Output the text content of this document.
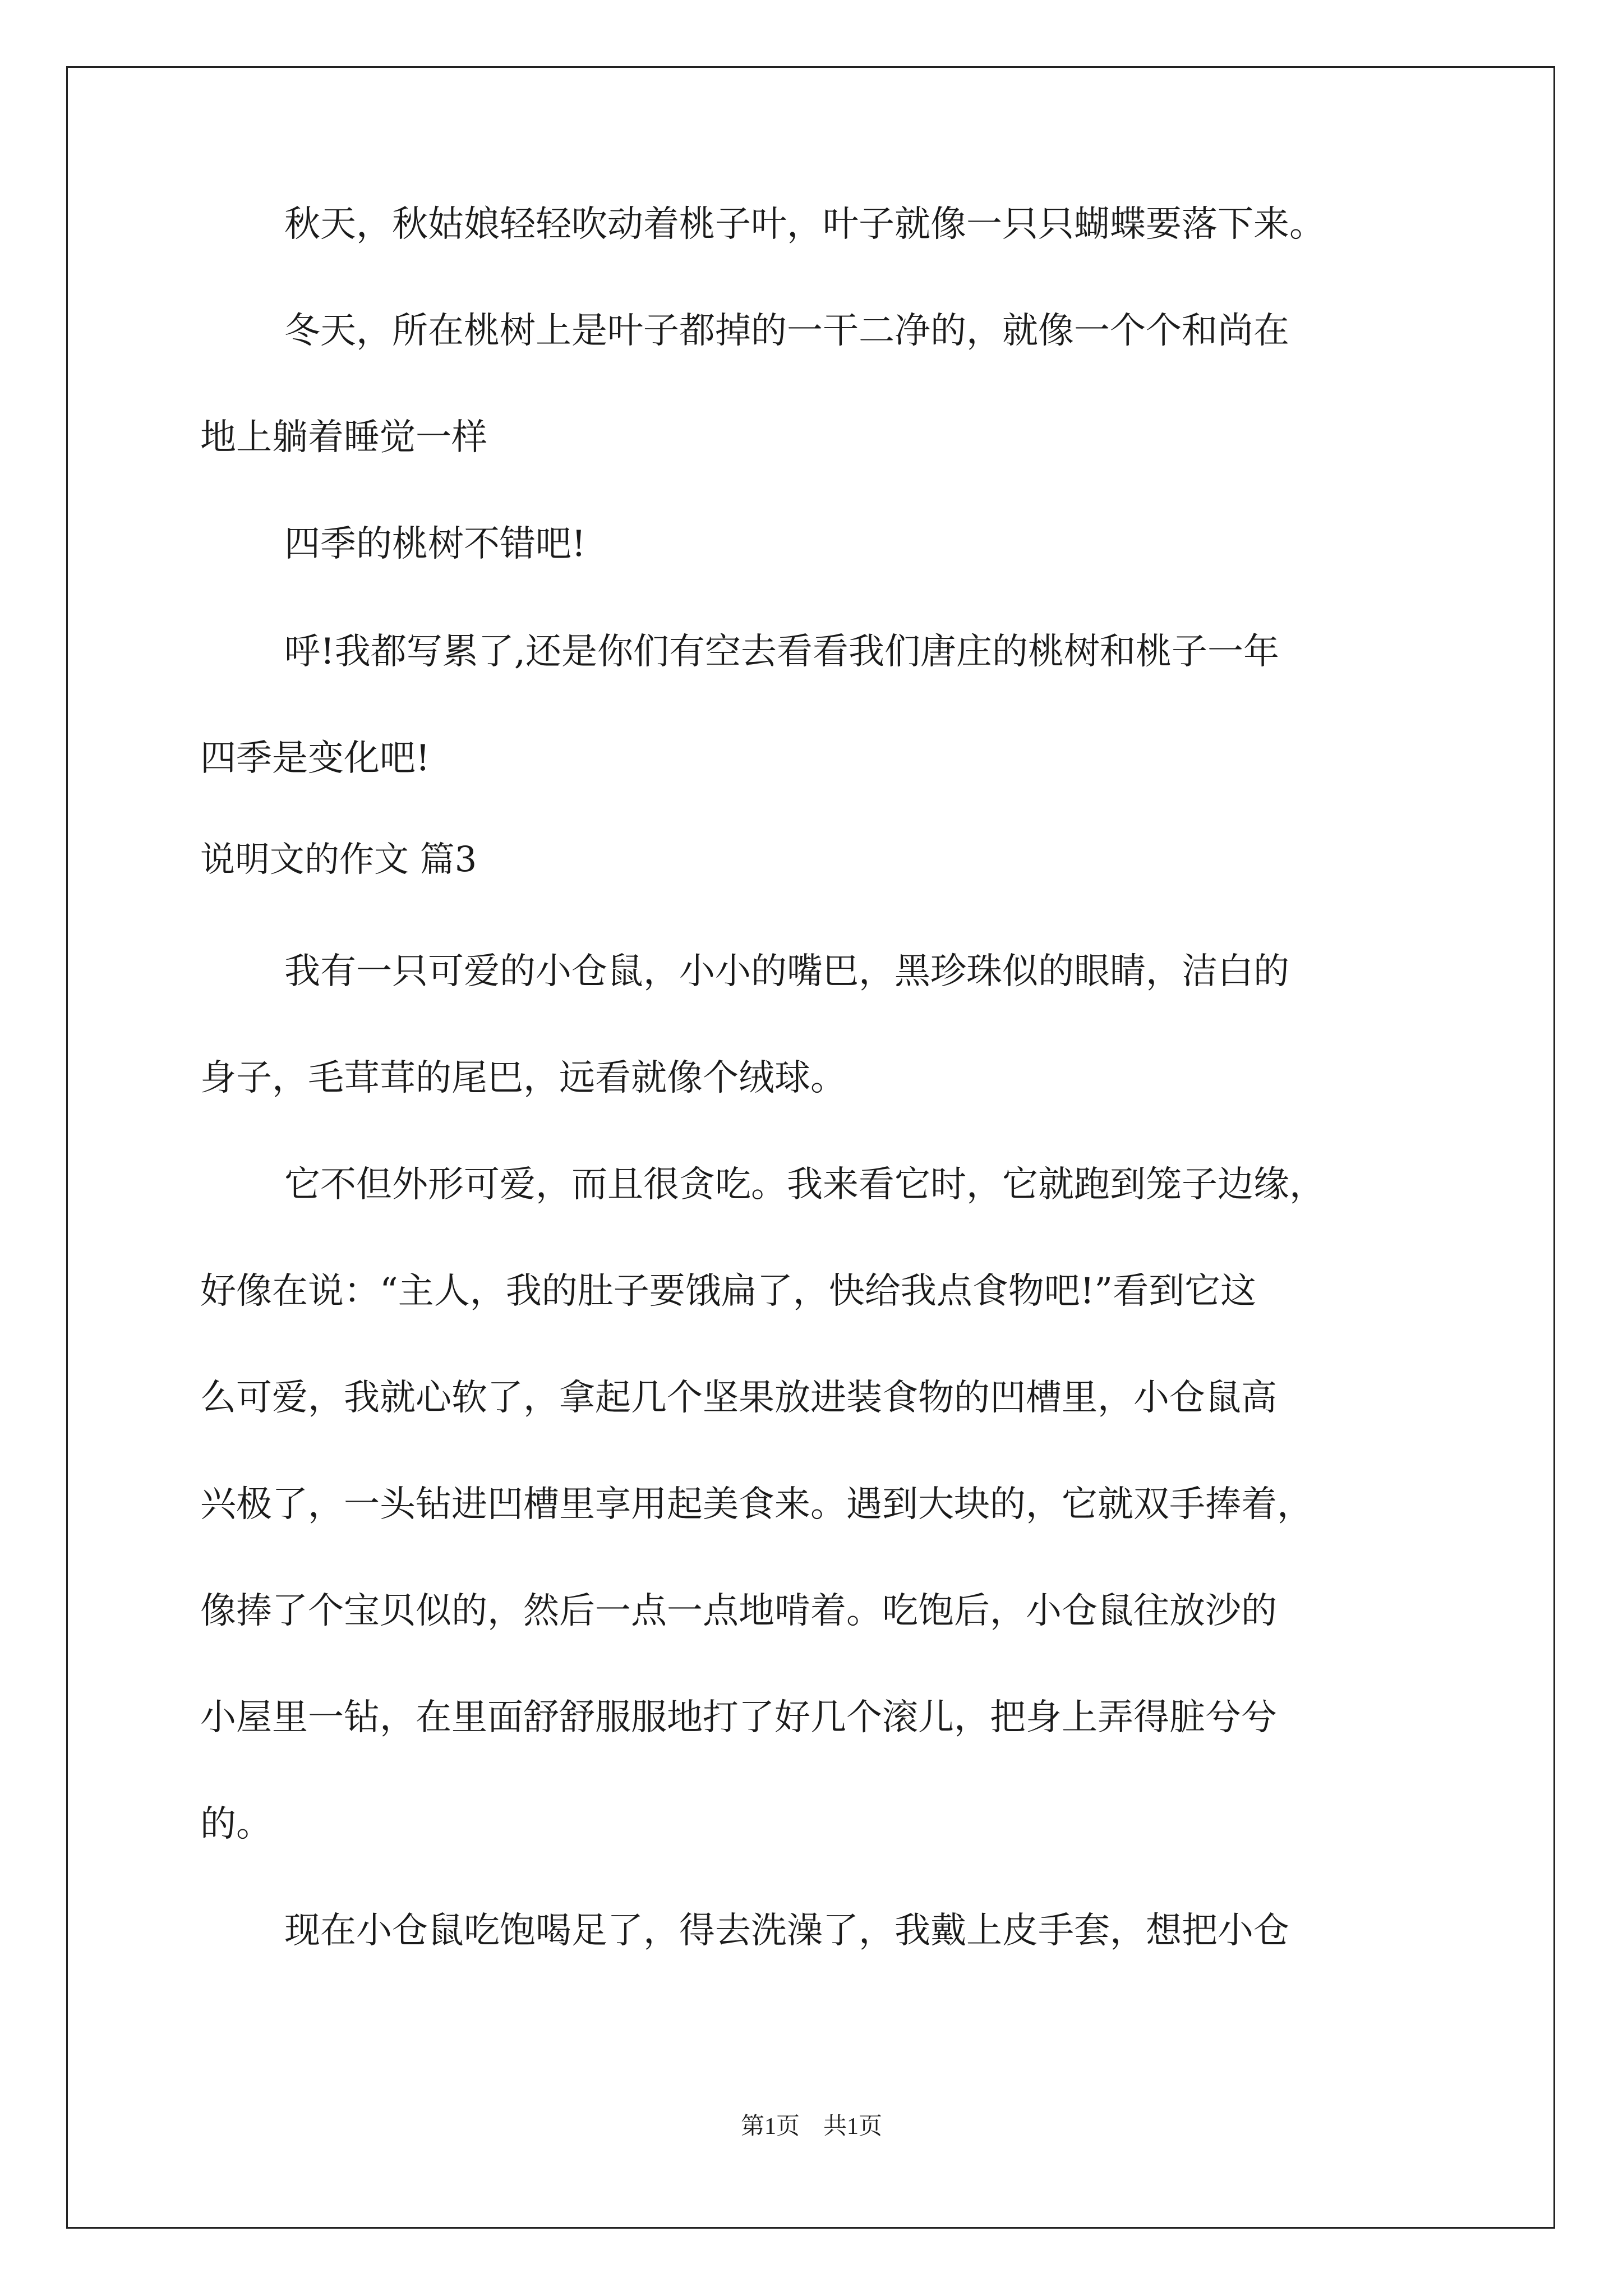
秋天，秋姑娘轻轻吹动着桃子叶，叶子就像一只只蝴蝶要落下来。
冬天，所在桃树上是叶子都掉的一干二净的，就像一个个和尚在
地上躺着睡觉一样
四季的桃树不错吧!
呼!我都写累了,还是你们有空去看看我们唐庄的桃树和桃子一年
四季是变化吧!
说明文的作文 篇3
我有一只可爱的小仓鼠，小小的嘴巴，黑珍珠似的眼睛，洁白的
身子，毛茸茸的尾巴，远看就像个绒球。
它不但外形可爱，而且很贪吃。我来看它时，它就跑到笼子边缘，
好像在说：“主人，我的肚子要饿扁了，快给我点食物吧!”看到它这
么可爱，我就心软了，拿起几个坚果放进装食物的凹槽里，小仓鼠高
兴极了，一头钻进凹槽里享用起美食来。遇到大块的，它就双手捧着，
像捧了个宝贝似的，然后一点一点地啃着。吃饱后，小仓鼠往放沙的
小屋里一钻，在里面舒舒服服地打了好几个滚儿，把身上弄得脏兮兮
的。
现在小仓鼠吃饱喝足了，得去洗澡了，我戴上皮手套，想把小仓
第1页　共1页
